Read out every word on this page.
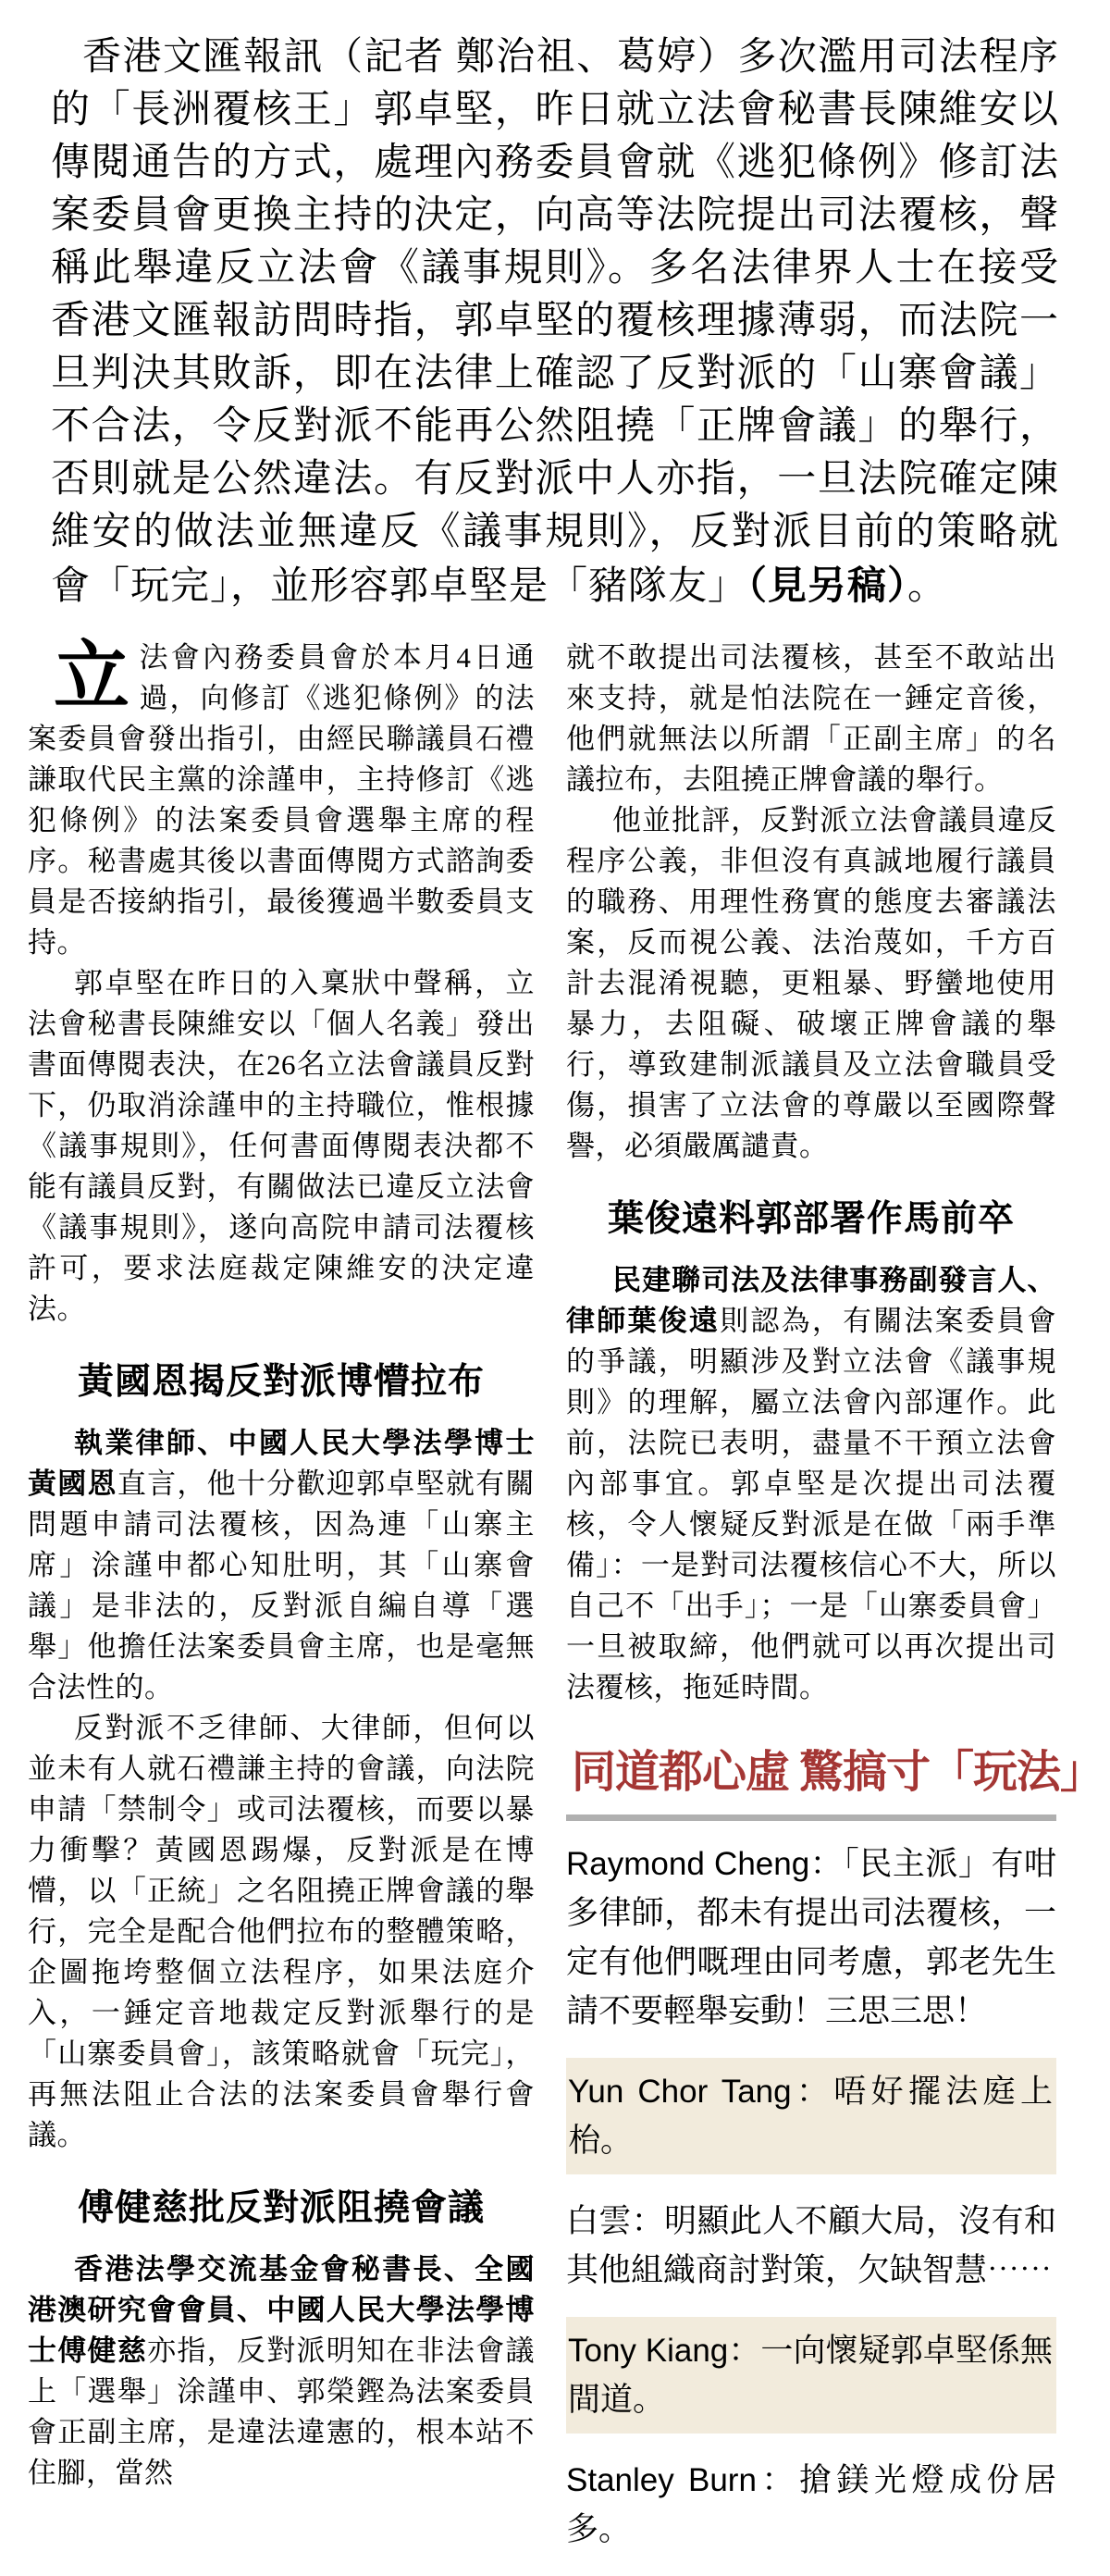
香港文匯報訊（記者 鄭治祖、葛婷）多次濫用司法程序的「長洲覆核王」郭卓堅，昨日就立法會秘書長陳維安以傳閱通告的方式，處理內務委員會就《逃犯條例》修訂法案委員會更換主持的決定，向高等法院提出司法覆核，聲稱此舉違反立法會《議事規則》。多名法律界人士在接受香港文匯報訪問時指，郭卓堅的覆核理據薄弱，而法院一旦判決其敗訴，即在法律上確認了反對派的「山寨會議」不合法，令反對派不能再公然阻撓「正牌會議」的舉行，否則就是公然違法。有反對派中人亦指，一旦法院確定陳維安的做法並無違反《議事規則》，反對派目前的策略就會「玩完」，並形容郭卓堅是「豬隊友」（見另稿）。

立法會內務委員會於本月4日通過，向修訂《逃犯條例》的法案委員會發出指引，由經民聯議員石禮謙取代民主黨的涂謹申，主持修訂《逃犯條例》的法案委員會選舉主席的程序。秘書處其後以書面傳閱方式諮詢委員是否接納指引，最後獲過半數委員支持。

郭卓堅在昨日的入稟狀中聲稱，立法會秘書長陳維安以「個人名義」發出書面傳閱表決，在26名立法會議員反對下，仍取消涂謹申的主持職位，惟根據《議事規則》，任何書面傳閱表決都不能有議員反對，有關做法已違反立法會《議事規則》，遂向高院申請司法覆核許可，要求法庭裁定陳維安的決定違法。

黃國恩揭反對派博懵拉布

執業律師、中國人民大學法學博士黃國恩直言，他十分歡迎郭卓堅就有關問題申請司法覆核，因為連「山寨主席」涂謹申都心知肚明，其「山寨會議」是非法的，反對派自編自導「選舉」他擔任法案委員會主席，也是毫無合法性的。

反對派不乏律師、大律師，但何以並未有人就石禮謙主持的會議，向法院申請「禁制令」或司法覆核，而要以暴力衝擊？黃國恩踢爆，反對派是在博懵，以「正統」之名阻撓正牌會議的舉行，完全是配合他們拉布的整體策略，企圖拖垮整個立法程序，如果法庭介入，一錘定音地裁定反對派舉行的是「山寨委員會」，該策略就會「玩完」，再無法阻止合法的法案委員會舉行會議。

傅健慈批反對派阻撓會議

香港法學交流基金會秘書長、全國港澳研究會會員、中國人民大學法學博士傅健慈亦指，反對派明知在非法會議上「選舉」涂謹申、郭榮鏗為法案委員會正副主席，是違法違憲的，根本站不住腳，當然

就不敢提出司法覆核，甚至不敢站出來支持，就是怕法院在一錘定音後，他們就無法以所謂「正副主席」的名議拉布，去阻撓正牌會議的舉行。

他並批評，反對派立法會議員違反程序公義，非但沒有真誠地履行議員的職務、用理性務實的態度去審議法案，反而視公義、法治蔑如，千方百計去混淆視聽，更粗暴、野蠻地使用暴力，去阻礙、破壞正牌會議的舉行，導致建制派議員及立法會職員受傷，損害了立法會的尊嚴以至國際聲譽，必須嚴厲譴責。

葉俊遠料郭部署作馬前卒

民建聯司法及法律事務副發言人、律師葉俊遠則認為，有關法案委員會的爭議，明顯涉及對立法會《議事規則》的理解，屬立法會內部運作。此前，法院已表明，盡量不干預立法會內部事宜。郭卓堅是次提出司法覆核，令人懷疑反對派是在做「兩手準備」：一是對司法覆核信心不大，所以自己不「出手」；一是「山寨委員會」一旦被取締，他們就可以再次提出司法覆核，拖延時間。

同道都心虛 驚搞寸「玩法」
Raymond Cheng：「民主派」有咁多律師，都未有提出司法覆核，一定有他們嘅理由同考慮，郭老先生請不要輕舉妄動！三思三思！
Yun Chor Tang：唔好擺法庭上枱。
白雲：明顯此人不顧大局，沒有和其他組織商討對策，欠缺智慧⋯⋯
Tony Kiang：一向懷疑郭卓堅係無間道。
Stanley Burn：搶鎂光燈成份居多。
